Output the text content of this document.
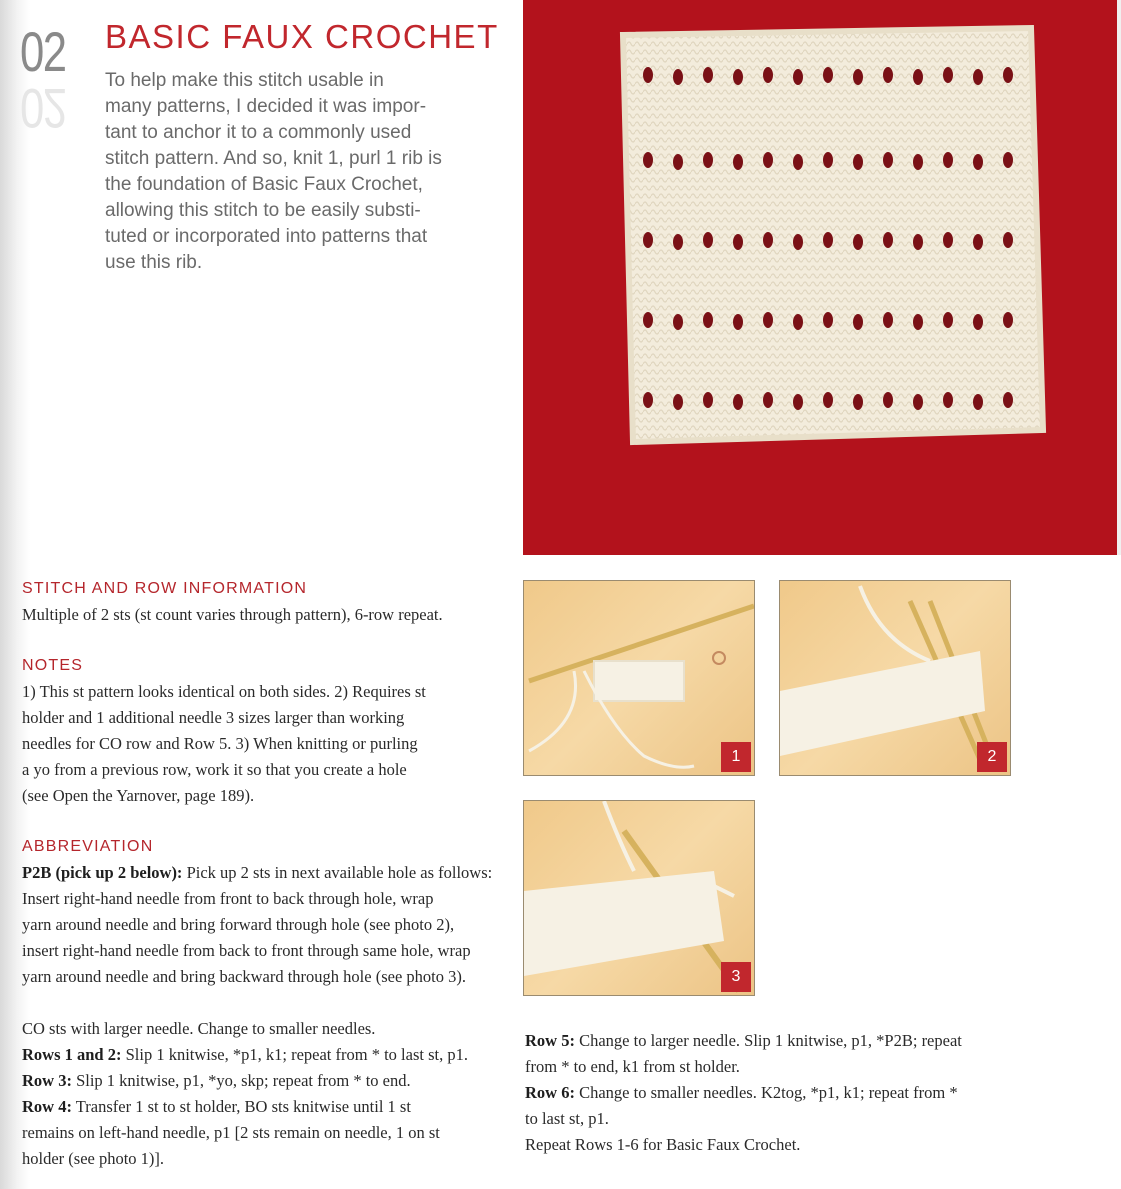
02
02
BASIC FAUX CROCHET
To help make this stitch usable in
many patterns, I decided it was impor-
tant to anchor it to a commonly used
stitch pattern. And so, knit 1, purl 1 rib is
the foundation of Basic Faux Crochet,
allowing this stitch to be easily substi-
tuted or incorporated into patterns that
use this rib.
1	2
3
STITCH AND ROW INFORMATION
Multiple of 2 sts (st count varies through pattern), 6-row repeat.
NOTES
1) This st pattern looks identical on both sides. 2) Requires st
holder and 1 additional needle 3 sizes larger than working
needles for CO row and Row 5. 3) When knitting or purling
a yo from a previous row, work it so that you create a hole
(see Open the Yarnover, page 189).
ABBREVIATION
P2B (pick up 2 below): Pick up 2 sts in next available hole as follows:
Insert right-hand needle from front to back through hole, wrap
yarn around needle and bring forward through hole (see photo 2),
insert right-hand needle from back to front through same hole, wrap
yarn around needle and bring backward through hole (see photo 3).
CO sts with larger needle. Change to smaller needles.
Rows 1 and 2: Slip 1 knitwise, *p1, k1; repeat from * to last st, p1.
Row 3: Slip 1 knitwise, p1, *yo, skp; repeat from * to end.
Row 4: Transfer 1 st to st holder, BO sts knitwise until 1 st
remains on left-hand needle, p1 [2 sts remain on needle, 1 on st
holder (see photo 1)].
Row 5: Change to larger needle. Slip 1 knitwise, p1, *P2B; repeat
from * to end, k1 from st holder.
Row 6: Change to smaller needles. K2tog, *p1, k1; repeat from *
to last st, p1.
Repeat Rows 1-6 for Basic Faux Crochet.
